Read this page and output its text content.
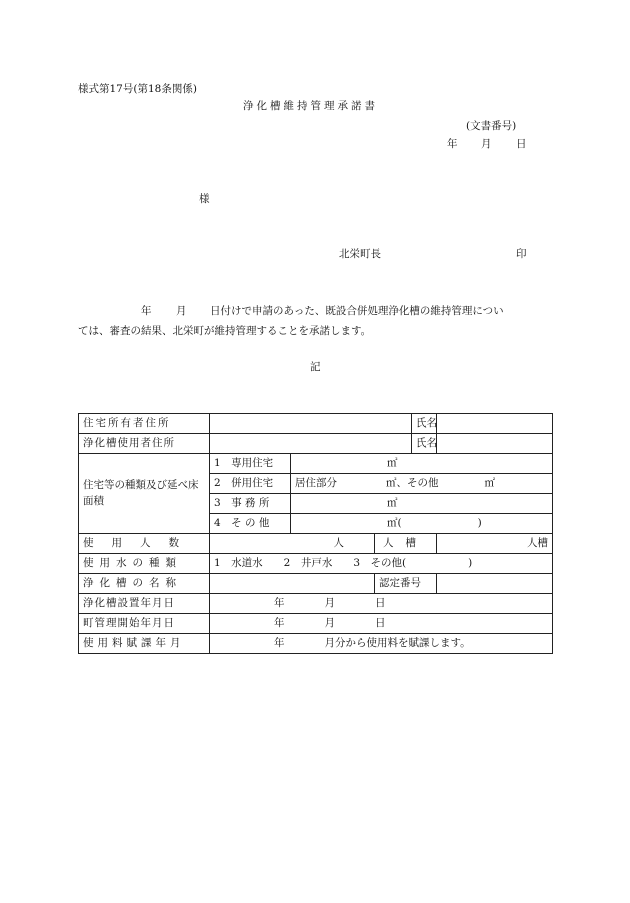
様式第17号(第18条関係)
浄化槽維持管理承諾書
(文書番号)
年 月 日
様
北栄町長	印
年 月 日付けで申請のあった、既設合併処理浄化槽の維持管理につい
ては、審査の結果、北栄町が維持管理することを承諾します。
記
住宅所有者住所				氏名	
浄化槽使用者住所				氏名	
住宅等の種類及び延べ床面積	1　専用住宅	㎡			
	2　併用住宅	居住部分 ㎡、その他 ㎡			
	3　事 務 所	㎡			
	4　そ の 他	㎡( )			
使用人数	人		人槽		人槽
使用水の種類	1　水道水　　2　井戸水　　3　その他( )				
浄化槽の名称			認定番号		
浄化槽設置年月日	年 月 日				
町管理開始年月日	年 月 日				
使用料賦課年月	年 月分から使用料を賦課します。				
